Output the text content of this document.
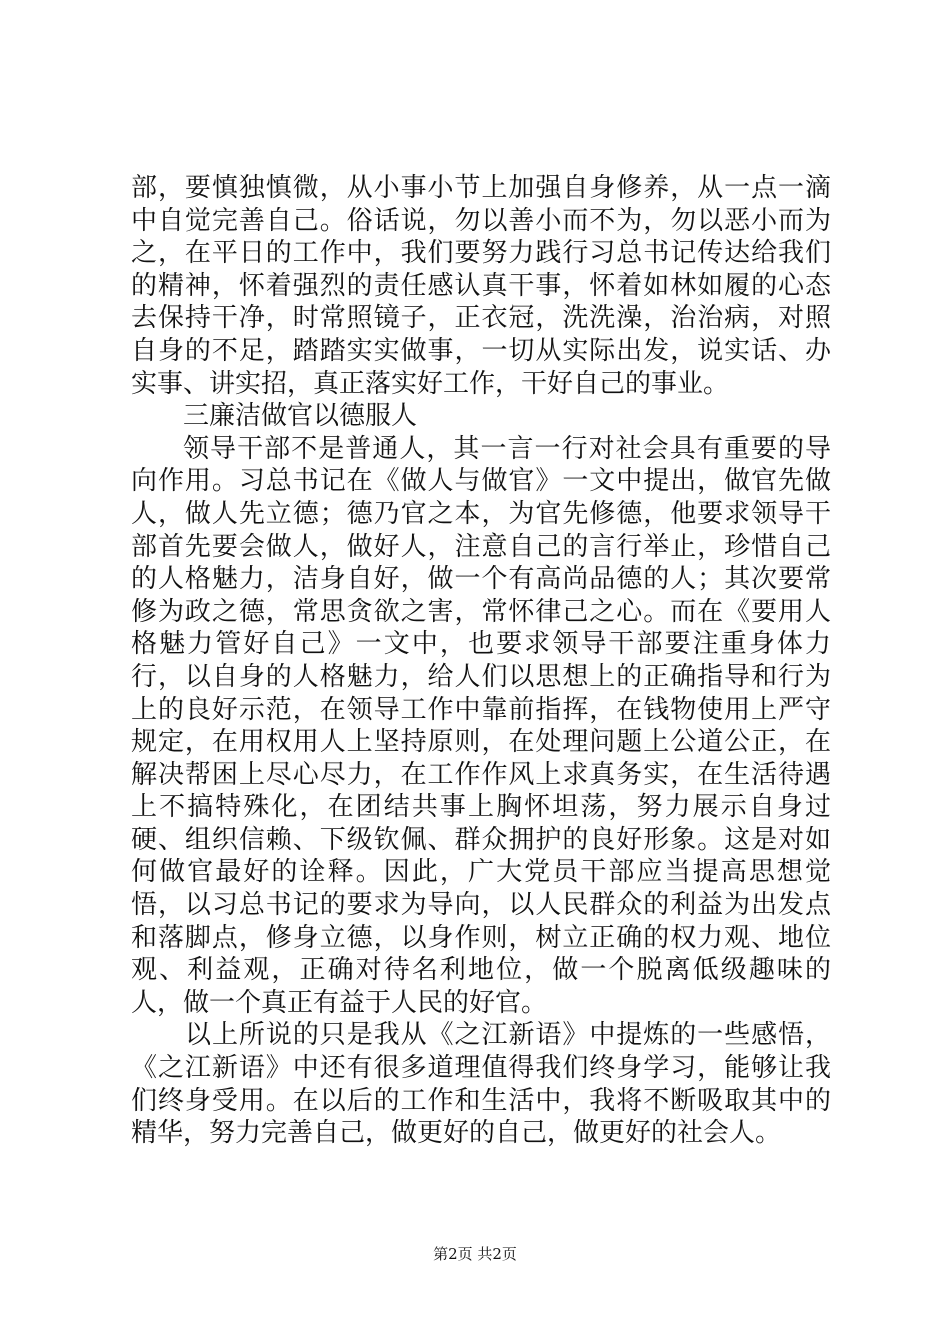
部，要慎独慎微，从小事小节上加强自身修养，从一点一滴中自觉完善自己。俗话说，勿以善小而不为，勿以恶小而为之，在平日的工作中，我们要努力践行习总书记传达给我们的精神，怀着强烈的责任感认真干事，怀着如林如履的心态去保持干净，时常照镜子，正衣冠，洗洗澡，治治病，对照自身的不足，踏踏实实做事，一切从实际出发，说实话、办实事、讲实招，真正落实好工作，干好自己的事业。

三廉洁做官以德服人

领导干部不是普通人，其一言一行对社会具有重要的导向作用。习总书记在《做人与做官》一文中提出，做官先做人，做人先立德；德乃官之本，为官先修德，他要求领导干部首先要会做人，做好人，注意自己的言行举止，珍惜自己的人格魅力，洁身自好，做一个有高尚品德的人；其次要常修为政之德，常思贪欲之害，常怀律己之心。而在《要用人格魅力管好自己》一文中，也要求领导干部要注重身体力行，以自身的人格魅力，给人们以思想上的正确指导和行为上的良好示范，在领导工作中靠前指挥，在钱物使用上严守规定，在用权用人上坚持原则，在处理问题上公道公正，在解决帮困上尽心尽力，在工作作风上求真务实，在生活待遇上不搞特殊化，在团结共事上胸怀坦荡，努力展示自身过硬、组织信赖、下级钦佩、群众拥护的良好形象。这是对如何做官最好的诠释。因此，广大党员干部应当提高思想觉悟，以习总书记的要求为导向，以人民群众的利益为出发点和落脚点，修身立德，以身作则，树立正确的权力观、地位观、利益观，正确对待名利地位，做一个脱离低级趣味的人，做一个真正有益于人民的好官。

以上所说的只是我从《之江新语》中提炼的一些感悟，《之江新语》中还有很多道理值得我们终身学习，能够让我们终身受用。在以后的工作和生活中，我将不断吸取其中的精华，努力完善自己，做更好的自己，做更好的社会人。

第2页 共2页
